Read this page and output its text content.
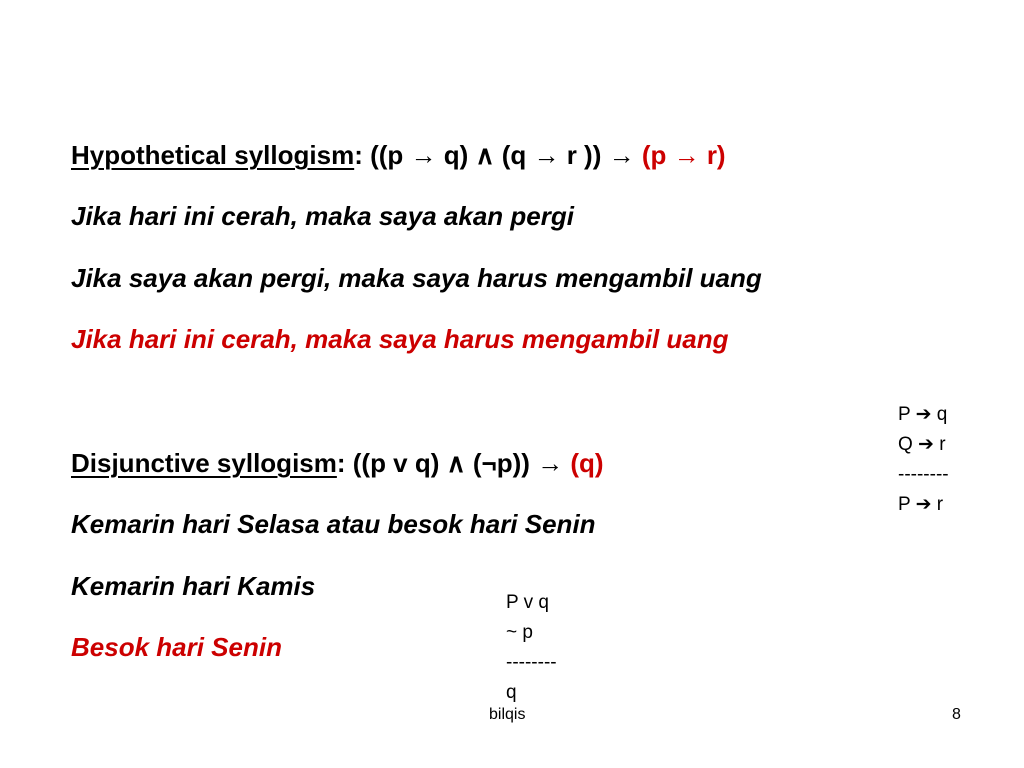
Hypothetical syllogism: ((p → q) ∧ (q → r )) → (p → r)
Jika hari ini cerah, maka saya akan pergi
Jika saya akan pergi, maka saya harus mengambil uang
Jika hari ini cerah, maka saya harus mengambil uang
Disjunctive syllogism: ((p v q) ∧ (¬p)) → (q)
Kemarin hari Selasa atau besok hari Senin
Kemarin hari Kamis
Besok hari Senin
P ➔ q
Q ➔ r
--------
P ➔ r
P v q
~ p
--------
q
bilqis	8
